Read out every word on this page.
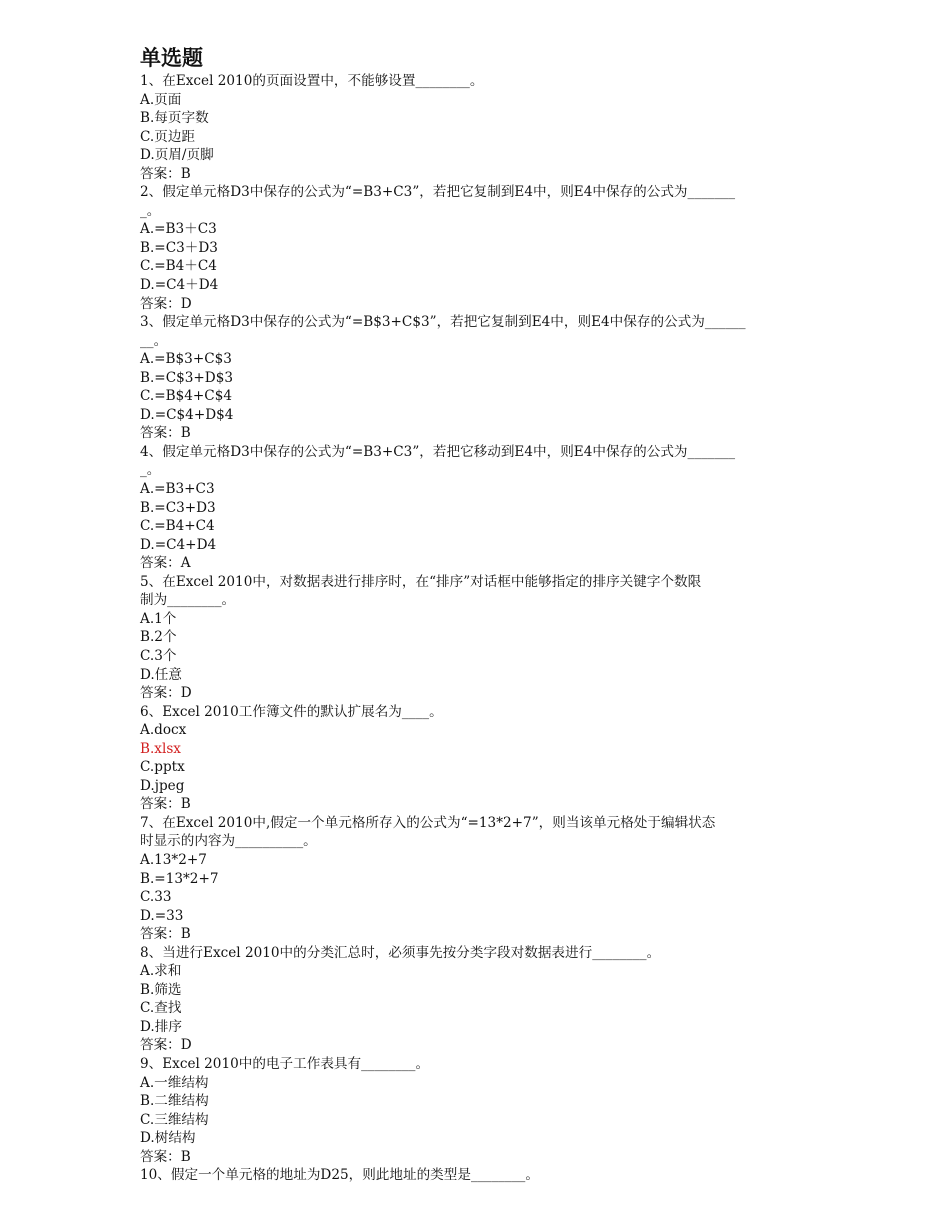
单选题
1、在Excel 2010的页面设置中，不能够设置________。
A.页面
B.每页字数
C.页边距
D.页眉/页脚
答案：B
2、假定单元格D3中保存的公式为“=B3+C3”，若把它复制到E4中，则E4中保存的公式为_______
_。
A.=B3＋C3
B.=C3＋D3
C.=B4＋C4
D.=C4＋D4
答案：D
3、假定单元格D3中保存的公式为“=B$3+C$3”，若把它复制到E4中，则E4中保存的公式为______
__。
A.=B$3+C$3
B.=C$3+D$3
C.=B$4+C$4
D.=C$4+D$4
答案：B
4、假定单元格D3中保存的公式为“=B3+C3”，若把它移动到E4中，则E4中保存的公式为_______
_。
A.=B3+C3
B.=C3+D3
C.=B4+C4
D.=C4+D4
答案：A
5、在Excel 2010中，对数据表进行排序时，在“排序”对话框中能够指定的排序关键字个数限
制为________。
A.1个
B.2个
C.3个
D.任意
答案：D
6、Excel 2010工作簿文件的默认扩展名为____。
A.docx
B.xlsx
C.pptx
D.jpeg
答案：B
7、在Excel 2010中,假定一个单元格所存入的公式为“=13*2+7”，则当该单元格处于编辑状态
时显示的内容为__________。
A.13*2+7
B.=13*2+7
C.33
D.=33
答案：B
8、当进行Excel 2010中的分类汇总时，必须事先按分类字段对数据表进行________。
A.求和
B.筛选
C.查找
D.排序
答案：D
9、Excel 2010中的电子工作表具有________。
A.一维结构
B.二维结构
C.三维结构
D.树结构
答案：B
10、假定一个单元格的地址为D25，则此地址的类型是________。
